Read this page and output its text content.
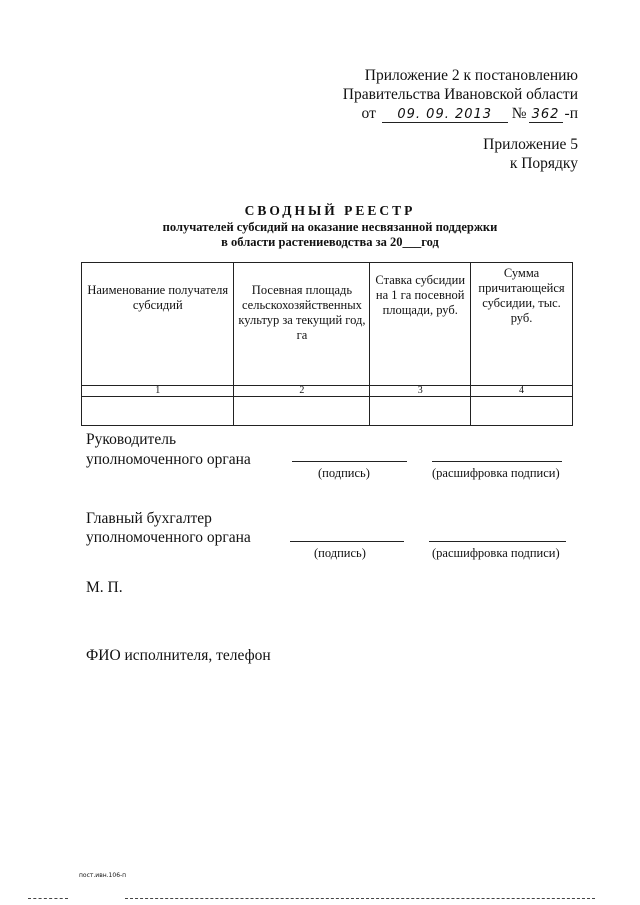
Приложение 2 к постановлению
Правительства Ивановской области
от 09. 09. 2013 № 362 -п
Приложение 5
к Порядку
СВОДНЫЙ РЕЕСТР
получателей субсидий на оказание несвязанной поддержки
в области растениеводства за 20___год
Наименование получателя субсидий	Посевная площадь сельскохозяйственных культур за текущий год, га	Ставка субсидии на 1 га посевной площади, руб.	Сумма причитающейся субсидии, тыс. руб.
1	2	3	4

Руководитель
уполномоченного органа
(подпись)	(расшифровка подписи)
Главный бухгалтер
уполномоченного органа
(подпись)	(расшифровка подписи)
М. П.
ФИО исполнителя, телефон
пост.ивн.106-п
